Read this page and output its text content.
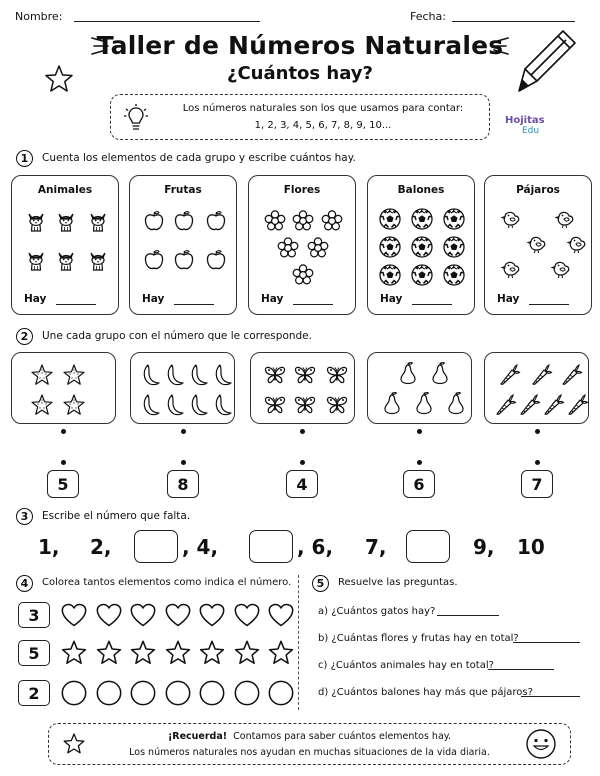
Nombre:	Fecha:
Taller de Números Naturales
¿Cuántos hay?
Los números naturales son los que usamos para contar:
1, 2, 3, 4, 5, 6, 7, 8, 9, 10...	Hojitas
Edu
1	Cuenta los elementos de cada grupo y escribe cuántos hay.
Animales
Hay
Frutas
Hay
Flores
Hay
Balones
Hay
Pájaros
Hay
2	Une cada grupo con el número que le corresponde.
5	8	4	6	7
3	Escribe el número que falta.
1, 2,	, 4,	, 6, 7,	9, 10
4	Colorea tantos elementos como indica el número.
3
5
2
5	Resuelve las preguntas.
a) ¿Cuántos gatos hay?
b) ¿Cuántas flores y frutas hay en total?
c) ¿Cuántos animales hay en total?
d) ¿Cuántos balones hay más que pájaros?
¡Recuerda! Contamos para saber cuántos elementos hay.
Los números naturales nos ayudan en muchas situaciones de la vida diaria.
